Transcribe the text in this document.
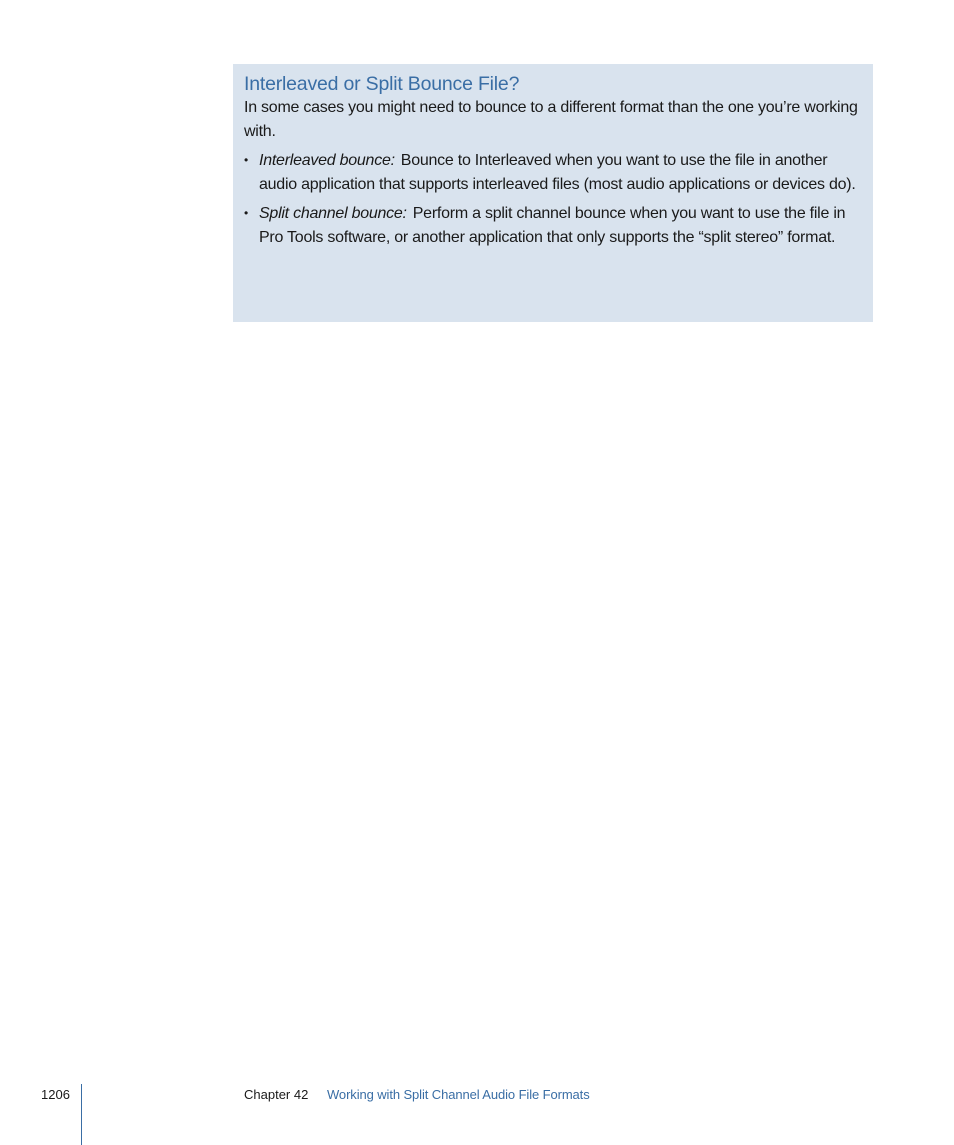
Interleaved or Split Bounce File?

In some cases you might need to bounce to a different format than the one you’re working with.

• Interleaved bounce: Bounce to Interleaved when you want to use the file in another audio application that supports interleaved files (most audio applications or devices do).
• Split channel bounce: Perform a split channel bounce when you want to use the file in Pro Tools software, or another application that only supports the “split stereo” format.
1206	Chapter 42 Working with Split Channel Audio File Formats
